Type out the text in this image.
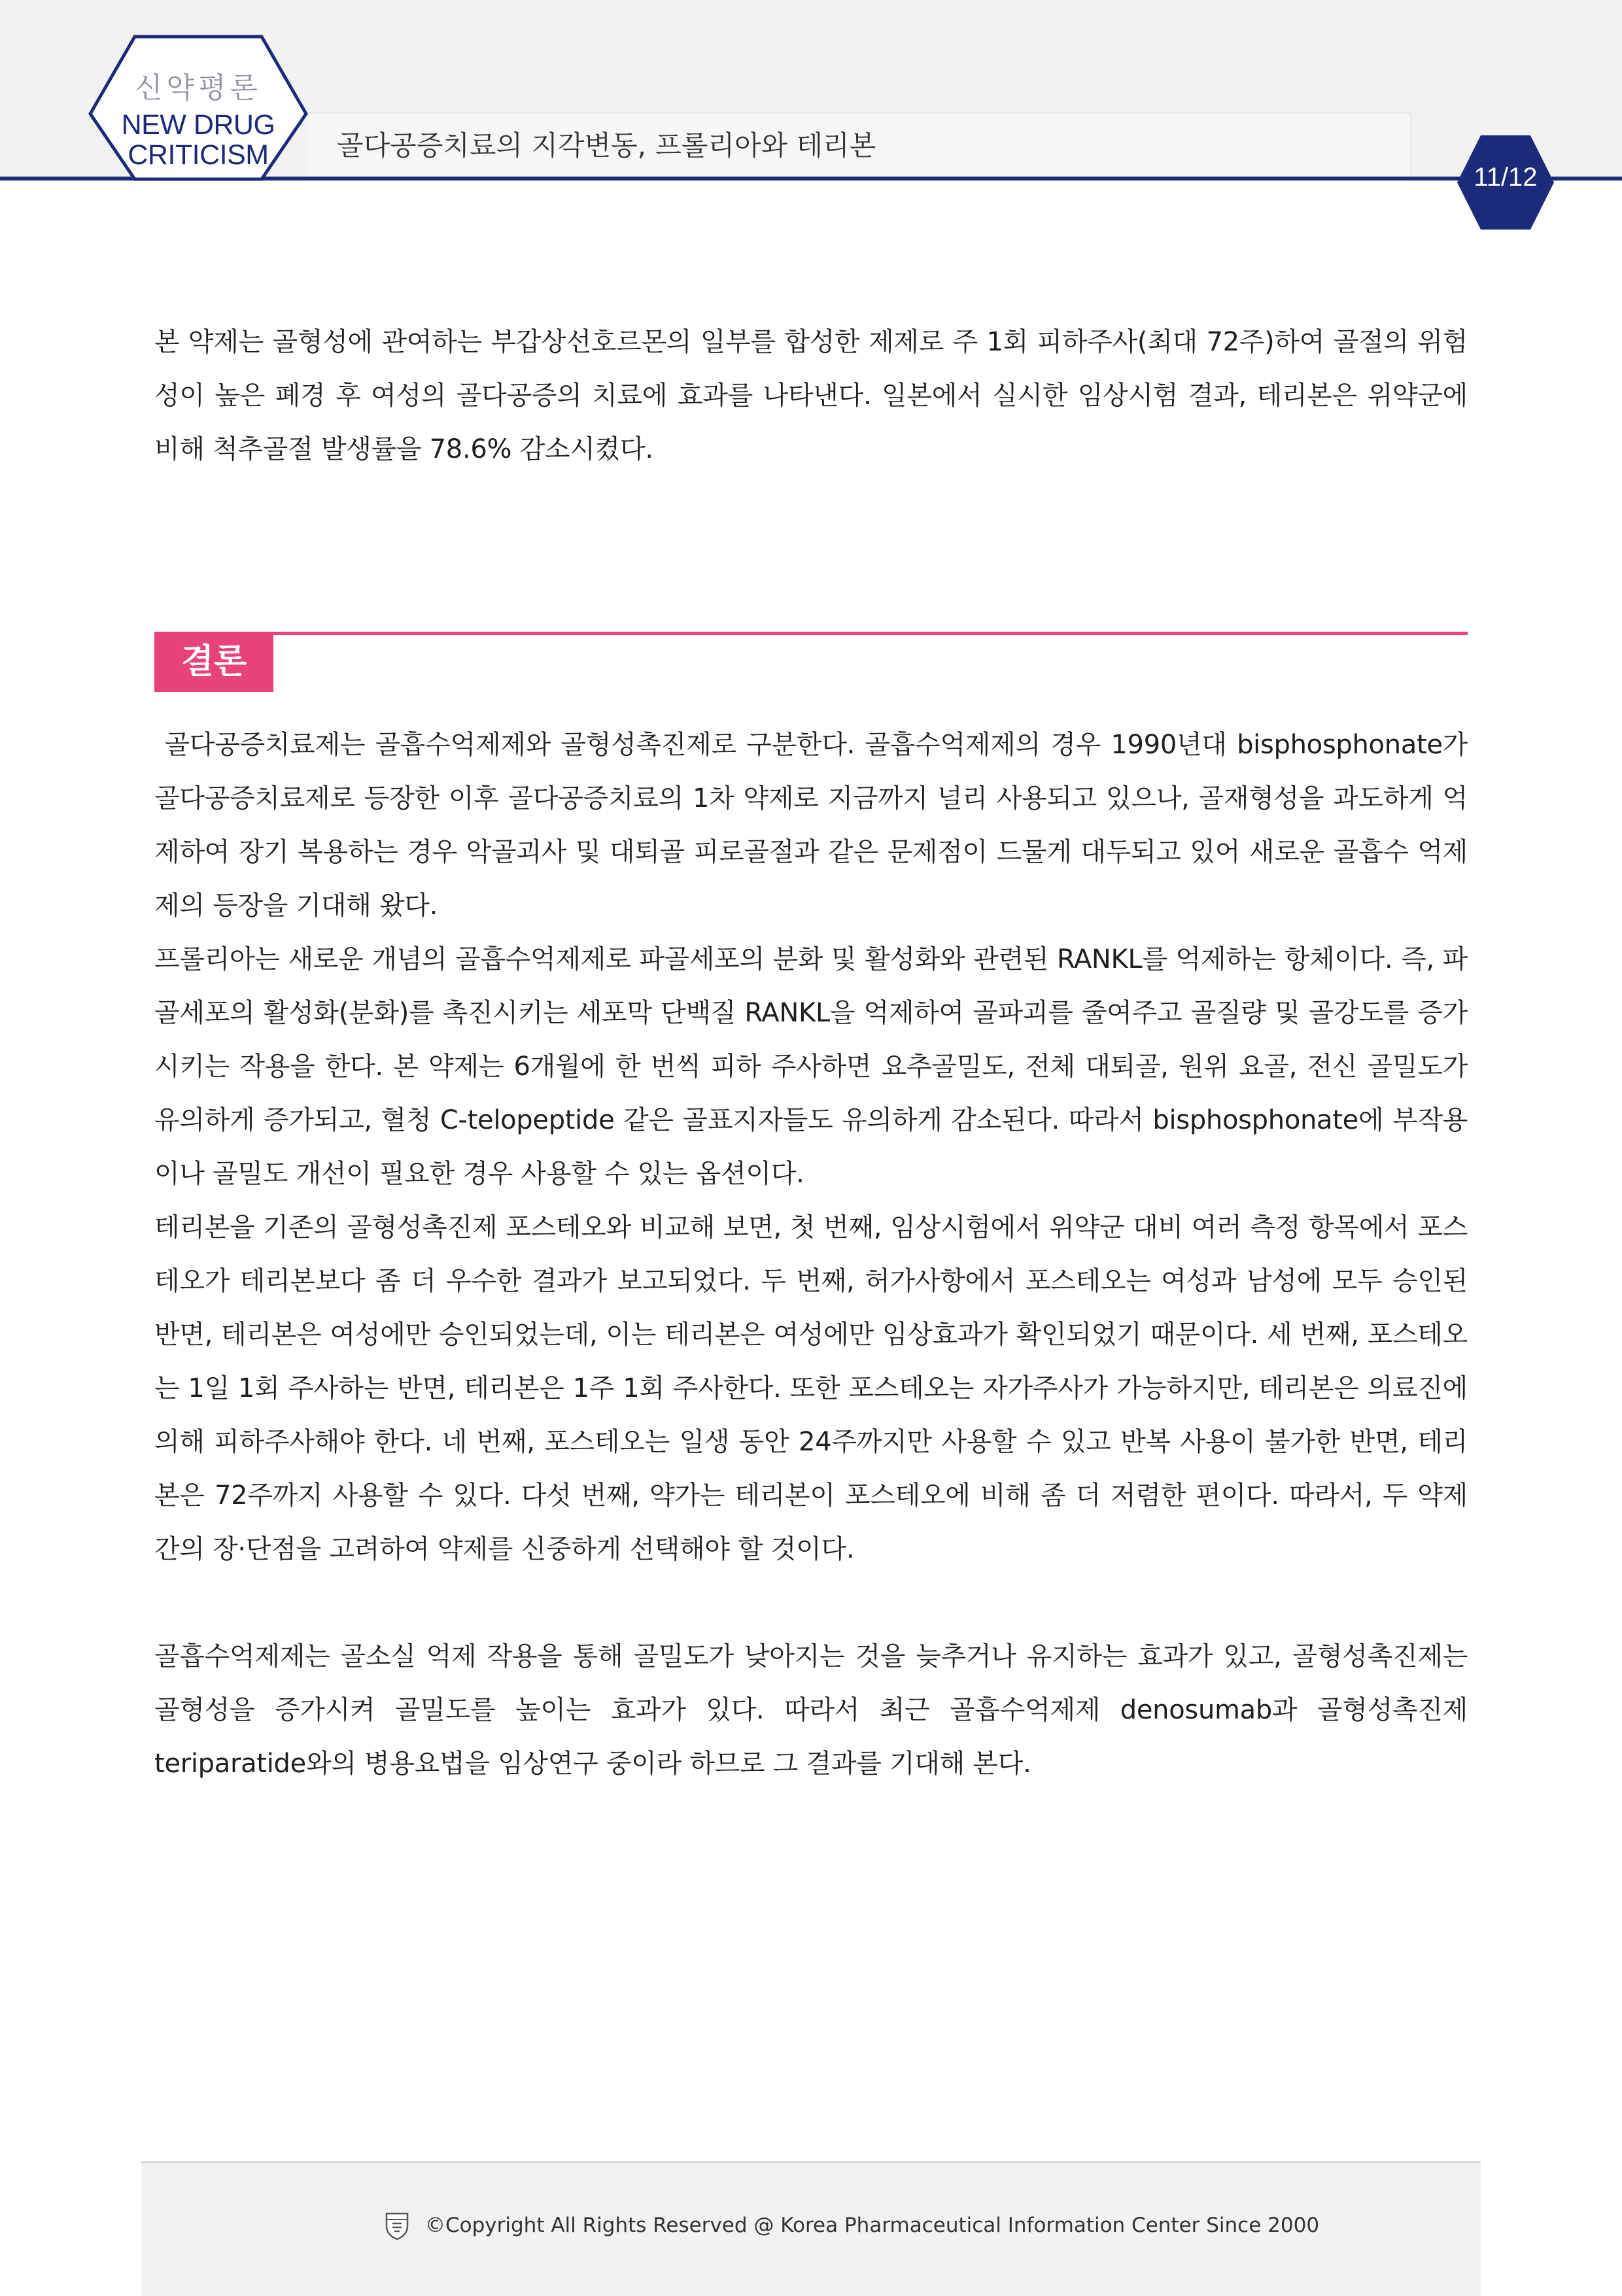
골다공증치료의 지각변동, 프롤리아와 테리본
신약평론
NEW DRUG
CRITICISM
11/12

본 약제는 골형성에 관여하는 부갑상선호르몬의 일부를 합성한 제제로 주 1회 피하주사(최대 72주)하여 골절의 위험성이 높은 폐경 후 여성의 골다공증의 치료에 효과를 나타낸다. 일본에서 실시한 임상시험 결과, 테리본은 위약군에 비해 척추골절 발생률을 78.6% 감소시켰다.

결론

골다공증치료제는 골흡수억제제와 골형성촉진제로 구분한다. 골흡수억제제의 경우 1990년대 bisphosphonate가 골다공증치료제로 등장한 이후 골다공증치료의 1차 약제로 지금까지 널리 사용되고 있으나, 골재형성을 과도하게 억제하여 장기 복용하는 경우 악골괴사 및 대퇴골 피로골절과 같은 문제점이 드물게 대두되고 있어 새로운 골흡수 억제제의 등장을 기대해 왔다.

프롤리아는 새로운 개념의 골흡수억제제로 파골세포의 분화 및 활성화와 관련된 RANKL를 억제하는 항체이다. 즉, 파골세포의 활성화(분화)를 촉진시키는 세포막 단백질 RANKL을 억제하여 골파괴를 줄여주고 골질량 및 골강도를 증가시키는 작용을 한다. 본 약제는 6개월에 한 번씩 피하 주사하면 요추골밀도, 전체 대퇴골, 원위 요골, 전신 골밀도가 유의하게 증가되고, 혈청 C-telopeptide 같은 골표지자들도 유의하게 감소된다. 따라서 bisphosphonate에 부작용이나 골밀도 개선이 필요한 경우 사용할 수 있는 옵션이다.

테리본을 기존의 골형성촉진제 포스테오와 비교해 보면, 첫 번째, 임상시험에서 위약군 대비 여러 측정 항목에서 포스테오가 테리본보다 좀 더 우수한 결과가 보고되었다. 두 번째, 허가사항에서 포스테오는 여성과 남성에 모두 승인된 반면, 테리본은 여성에만 승인되었는데, 이는 테리본은 여성에만 임상효과가 확인되었기 때문이다. 세 번째, 포스테오는 1일 1회 주사하는 반면, 테리본은 1주 1회 주사한다. 또한 포스테오는 자가주사가 가능하지만, 테리본은 의료진에 의해 피하주사해야 한다. 네 번째, 포스테오는 일생 동안 24주까지만 사용할 수 있고 반복 사용이 불가한 반면, 테리본은 72주까지 사용할 수 있다. 다섯 번째, 약가는 테리본이 포스테오에 비해 좀 더 저렴한 편이다. 따라서, 두 약제 간의 장·단점을 고려하여 약제를 신중하게 선택해야 할 것이다.

골흡수억제제는 골소실 억제 작용을 통해 골밀도가 낮아지는 것을 늦추거나 유지하는 효과가 있고, 골형성촉진제는 골형성을 증가시켜 골밀도를 높이는 효과가 있다. 따라서 최근 골흡수억제제 denosumab과 골형성촉진제 teriparatide와의 병용요법을 임상연구 중이라 하므로 그 결과를 기대해 본다.

©Copyright All Rights Reserved @ Korea Pharmaceutical Information Center Since 2000
